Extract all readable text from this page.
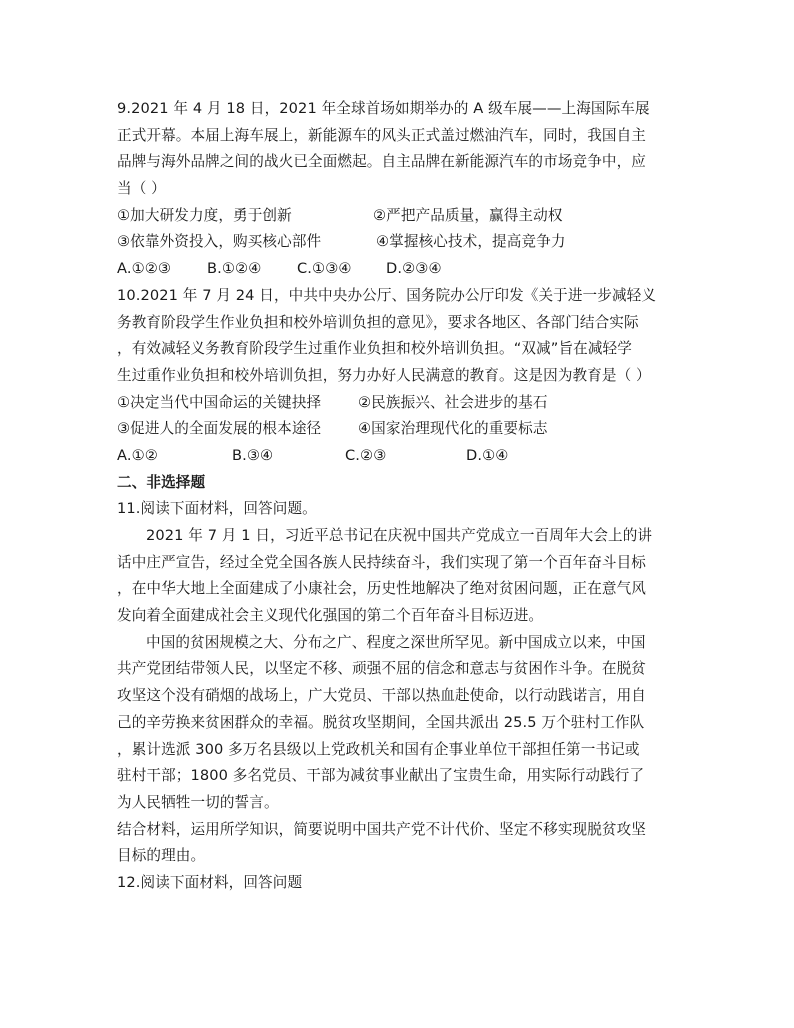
9.2021 年 4 月 18 日，2021 年全球首场如期举办的 A 级车展——上海国际车展
正式开幕。本届上海车展上，新能源车的风头正式盖过燃油汽车，同时，我国自主
品牌与海外品牌之间的战火已全面燃起。自主品牌在新能源汽车的市场竞争中，应
当（ ）
①加大研发力度，勇于创新	②严把产品质量，赢得主动权
③依靠外资投入，购买核心部件	④掌握核心技术，提高竞争力
A.①②③ B.①②④ C.①③④ D.②③④
10.2021 年 7 月 24 日，中共中央办公厅、国务院办公厅印发《关于进一步减轻义
务教育阶段学生作业负担和校外培训负担的意见》，要求各地区、各部门结合实际
，有效减轻义务教育阶段学生过重作业负担和校外培训负担。“双减”旨在减轻学
生过重作业负担和校外培训负担，努力办好人民满意的教育。这是因为教育是（ ）
①决定当代中国命运的关键抉择	②民族振兴、社会进步的基石
③促进人的全面发展的根本途径	④国家治理现代化的重要标志
A.①②	B.③④	C.②③	D.①④
二、非选择题
11.阅读下面材料，回答问题。
2021 年 7 月 1 日，习近平总书记在庆祝中国共产党成立一百周年大会上的讲
话中庄严宣告，经过全党全国各族人民持续奋斗，我们实现了第一个百年奋斗目标
，在中华大地上全面建成了小康社会，历史性地解决了绝对贫困问题，正在意气风
发向着全面建成社会主义现代化强国的第二个百年奋斗目标迈进。
中国的贫困规模之大、分布之广、程度之深世所罕见。新中国成立以来，中国
共产党团结带领人民，以坚定不移、顽强不屈的信念和意志与贫困作斗争。在脱贫
攻坚这个没有硝烟的战场上，广大党员、干部以热血赴使命，以行动践诺言，用自
己的辛劳换来贫困群众的幸福。脱贫攻坚期间，全国共派出 25.5 万个驻村工作队
，累计选派 300 多万名县级以上党政机关和国有企事业单位干部担任第一书记或
驻村干部；1800 多名党员、干部为减贫事业献出了宝贵生命，用实际行动践行了
为人民牺牲一切的誓言。
结合材料，运用所学知识，简要说明中国共产党不计代价、坚定不移实现脱贫攻坚
目标的理由。
12.阅读下面材料，回答问题
